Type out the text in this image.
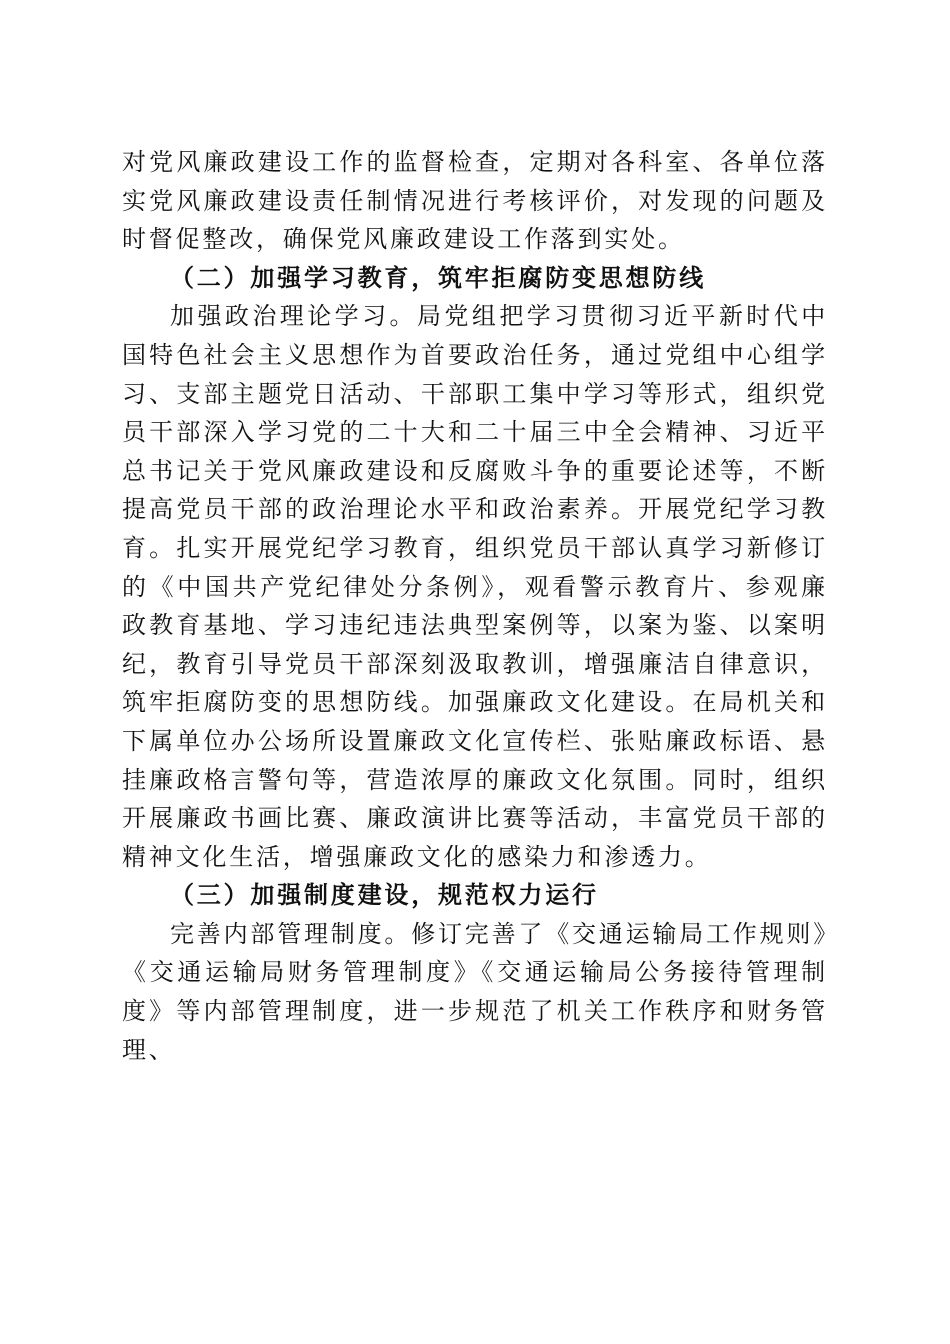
对党风廉政建设工作的监督检查，定期对各科室、各单位落实党风廉政建设责任制情况进行考核评价，对发现的问题及时督促整改，确保党风廉政建设工作落到实处。

（二）加强学习教育，筑牢拒腐防变思想防线

加强政治理论学习。局党组把学习贯彻习近平新时代中国特色社会主义思想作为首要政治任务，通过党组中心组学习、支部主题党日活动、干部职工集中学习等形式，组织党员干部深入学习党的二十大和二十届三中全会精神、习近平总书记关于党风廉政建设和反腐败斗争的重要论述等，不断提高党员干部的政治理论水平和政治素养。开展党纪学习教育。扎实开展党纪学习教育，组织党员干部认真学习新修订的《中国共产党纪律处分条例》，观看警示教育片、参观廉政教育基地、学习违纪违法典型案例等，以案为鉴、以案明纪，教育引导党员干部深刻汲取教训，增强廉洁自律意识，筑牢拒腐防变的思想防线。加强廉政文化建设。在局机关和下属单位办公场所设置廉政文化宣传栏、张贴廉政标语、悬挂廉政格言警句等，营造浓厚的廉政文化氛围。同时，组织开展廉政书画比赛、廉政演讲比赛等活动，丰富党员干部的精神文化生活，增强廉政文化的感染力和渗透力。

（三）加强制度建设，规范权力运行

完善内部管理制度。修订完善了《交通运输局工作规则》《交通运输局财务管理制度》《交通运输局公务接待管理制度》等内部管理制度，进一步规范了机关工作秩序和财务管理、
